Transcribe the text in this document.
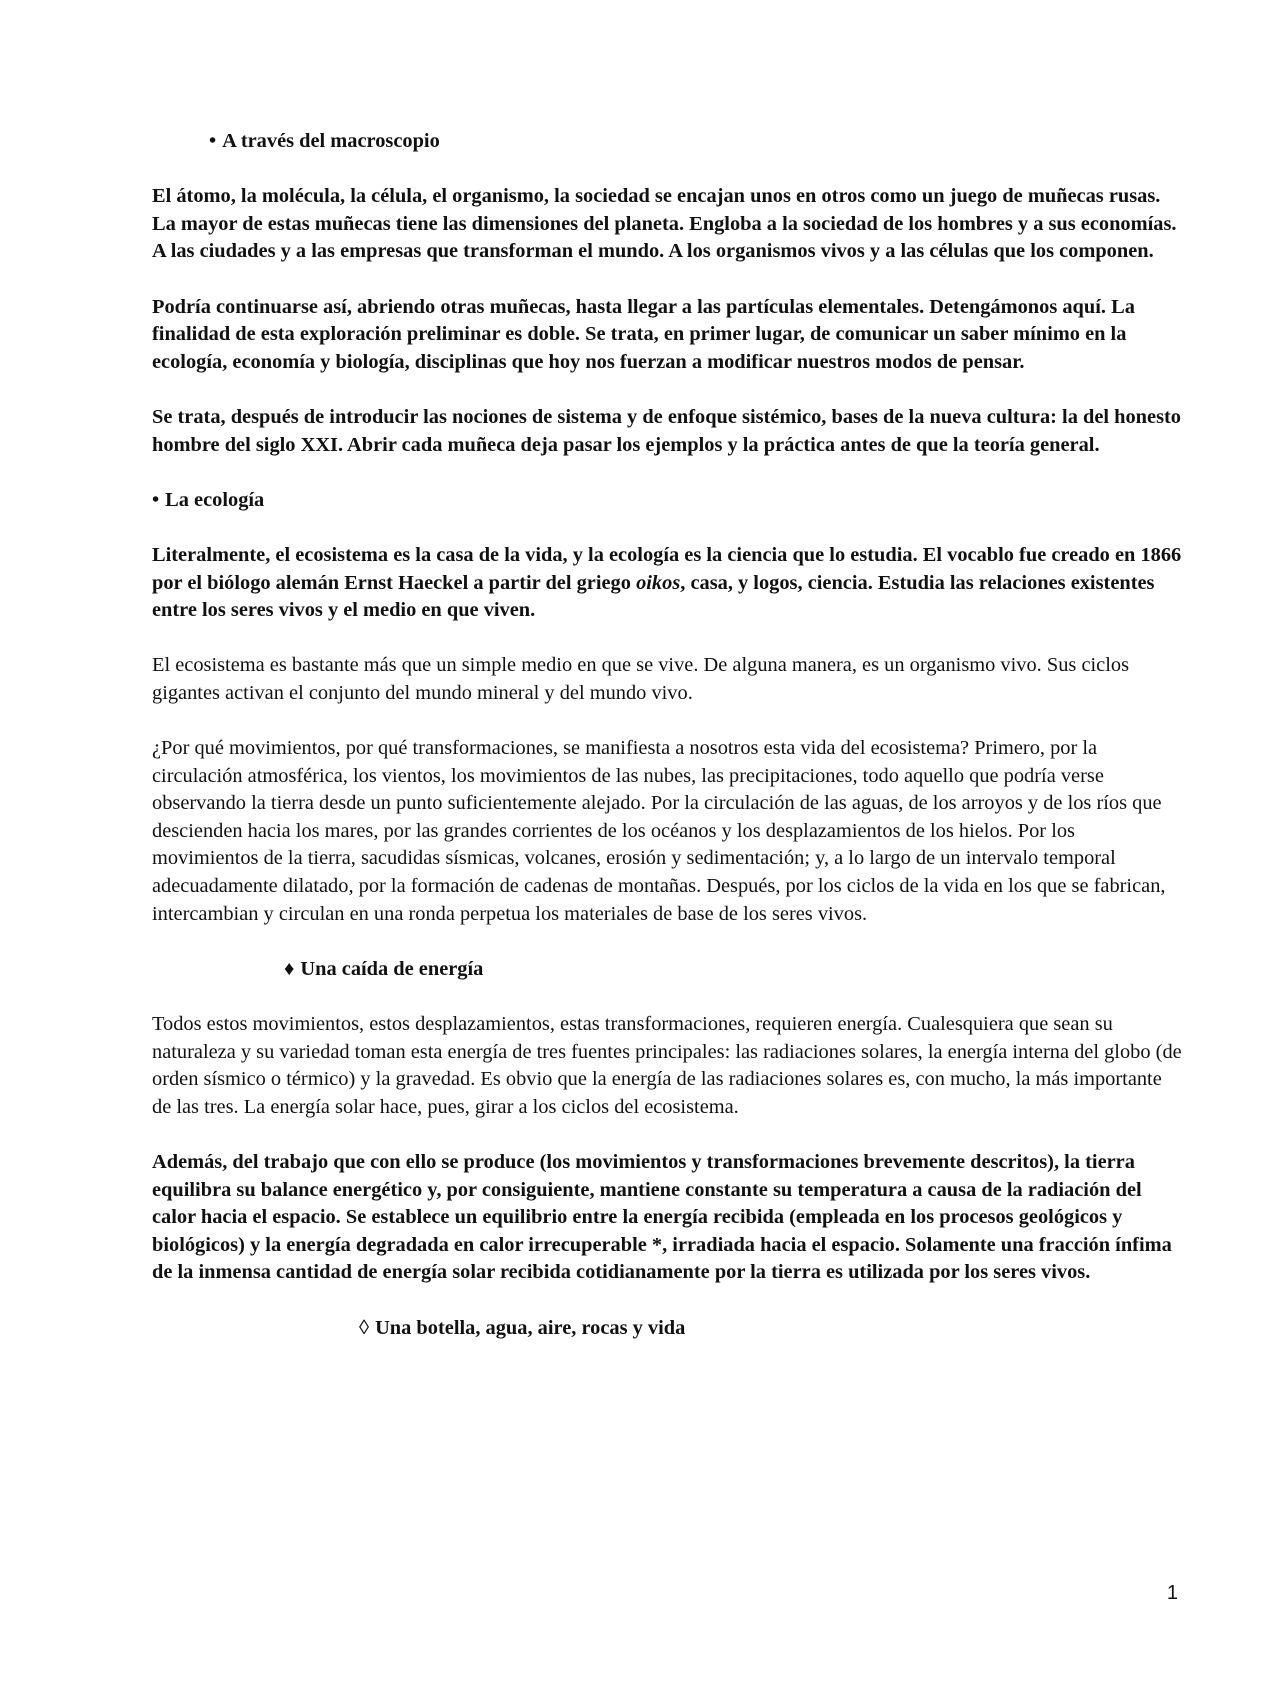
• A través del macroscopio

El átomo, la molécula, la célula, el organismo, la sociedad se encajan unos en otros como un juego de muñecas rusas. La mayor de estas muñecas tiene las dimensiones del planeta. Engloba a la sociedad de los hombres y a sus economías. A las ciudades y a las empresas que transforman el mundo. A los organismos vivos y a las células que los componen.

Podría continuarse así, abriendo otras muñecas, hasta llegar a las partículas elementales. Detengámonos aquí. La finalidad de esta exploración preliminar es doble. Se trata, en primer lugar, de comunicar un saber mínimo en la ecología, economía y biología, disciplinas que hoy nos fuerzan a modificar nuestros modos de pensar.

Se trata, después de introducir las nociones de sistema y de enfoque sistémico, bases de la nueva cultura: la del honesto hombre del siglo XXI. Abrir cada muñeca deja pasar los ejemplos y la práctica antes de que la teoría general.

• La ecología

Literalmente, el ecosistema es la casa de la vida, y la ecología es la ciencia que lo estudia. El vocablo fue creado en 1866 por el biólogo alemán Ernst Haeckel a partir del griego oikos, casa, y logos, ciencia. Estudia las relaciones existentes entre los seres vivos y el medio en que viven.

El ecosistema es bastante más que un simple medio en que se vive. De alguna manera, es un organismo vivo. Sus ciclos gigantes activan el conjunto del mundo mineral y del mundo vivo.

¿Por qué movimientos, por qué transformaciones, se manifiesta a nosotros esta vida del ecosistema? Primero, por la circulación atmosférica, los vientos, los movimientos de las nubes, las precipitaciones, todo aquello que podría verse observando la tierra desde un punto suficientemente alejado. Por la circulación de las aguas, de los arroyos y de los ríos que descienden hacia los mares, por las grandes corrientes de los océanos y los desplazamientos de los hielos. Por los movimientos de la tierra, sacudidas sísmicas, volcanes, erosión y sedimentación; y, a lo largo de un intervalo temporal adecuadamente dilatado, por la formación de cadenas de montañas. Después, por los ciclos de la vida en los que se fabrican, intercambian y circulan en una ronda perpetua los materiales de base de los seres vivos.

♦ Una caída de energía

Todos estos movimientos, estos desplazamientos, estas transformaciones, requieren energía. Cualesquiera que sean su naturaleza y su variedad toman esta energía de tres fuentes principales: las radiaciones solares, la energía interna del globo (de orden sísmico o térmico) y la gravedad. Es obvio que la energía de las radiaciones solares es, con mucho, la más importante de las tres. La energía solar hace, pues, girar a los ciclos del ecosistema.

Además, del trabajo que con ello se produce (los movimientos y transformaciones brevemente descritos), la tierra equilibra su balance energético y, por consiguiente, mantiene constante su temperatura a causa de la radiación del calor hacia el espacio. Se establece un equilibrio entre la energía recibida (empleada en los procesos geológicos y biológicos) y la energía degradada en calor irrecuperable *, irradiada hacia el espacio. Solamente una fracción ínfima de la inmensa cantidad de energía solar recibida cotidianamente por la tierra es utilizada por los seres vivos.

◊ Una botella, agua, aire, rocas y vida
1
